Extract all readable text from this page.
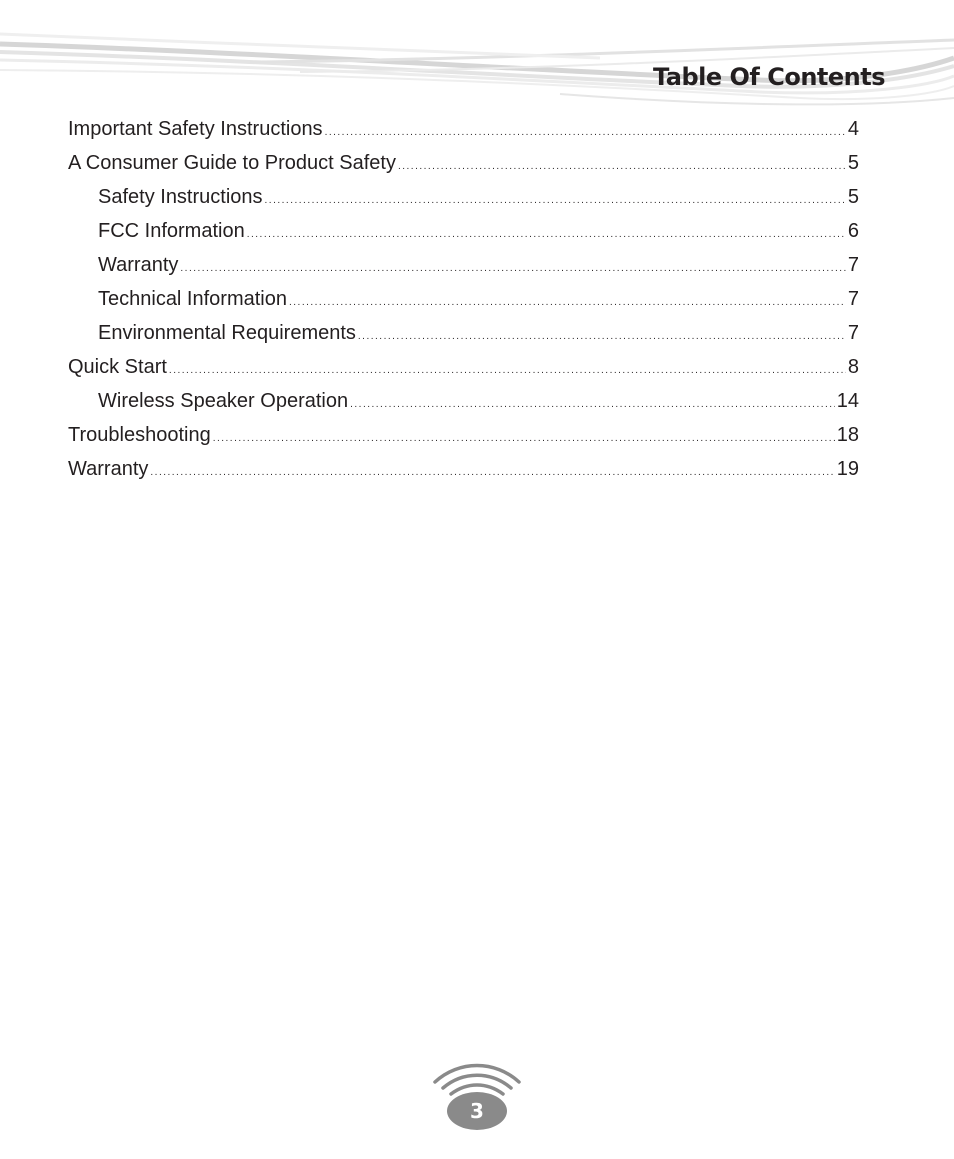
Table Of Contents
Important Safety Instructions .....	4
A Consumer Guide to Product Safety .....	5
Safety Instructions .....	5
FCC Information .....	6
Warranty .....	7
Technical Information .....	7
Environmental Requirements .....	7
Quick Start .....	8
Wireless Speaker Operation .....	14
Troubleshooting .....	18
Warranty .....	19
3
